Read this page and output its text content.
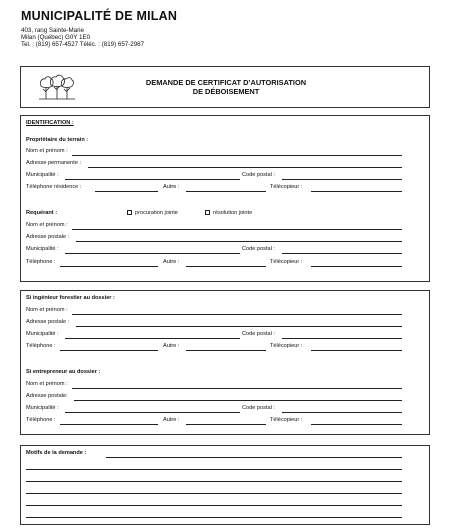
MUNICIPALITÉ DE MILAN
403, rang Sainte-Marie
Milan (Québec) G0Y 1E0
Tel. : (819) 657-4527 Téléc. : (819) 657-2987
DEMANDE DE CERTIFICAT D’AUTORISATION
DE DÉBOISEMENT
IDENTIFICATION :
Propriétaire du terrain :
Nom et prénom :
Adresse permanente :
Municipalité :	Code postal :
Téléphone résidence :	Autre :	Télécopieur :
Requérant :	procuration jointe	résolution jointe
Nom et prénom :
Adresse postale :
Municipalité :	Code postal :
Téléphone :	Autre :	Télécopieur :
Si ingénieur forestier au dossier :
Nom et prénom :
Adresse postale :
Municipalité :	Code postal :
Téléphone :	Autre :	Télécopieur :
Si entrepreneur au dossier :
Nom et prénom :
Adresse postale:
Municipalité :	Code postal :
Téléphone :	Autre :	Télécopieur :
Motifs de la demande :
